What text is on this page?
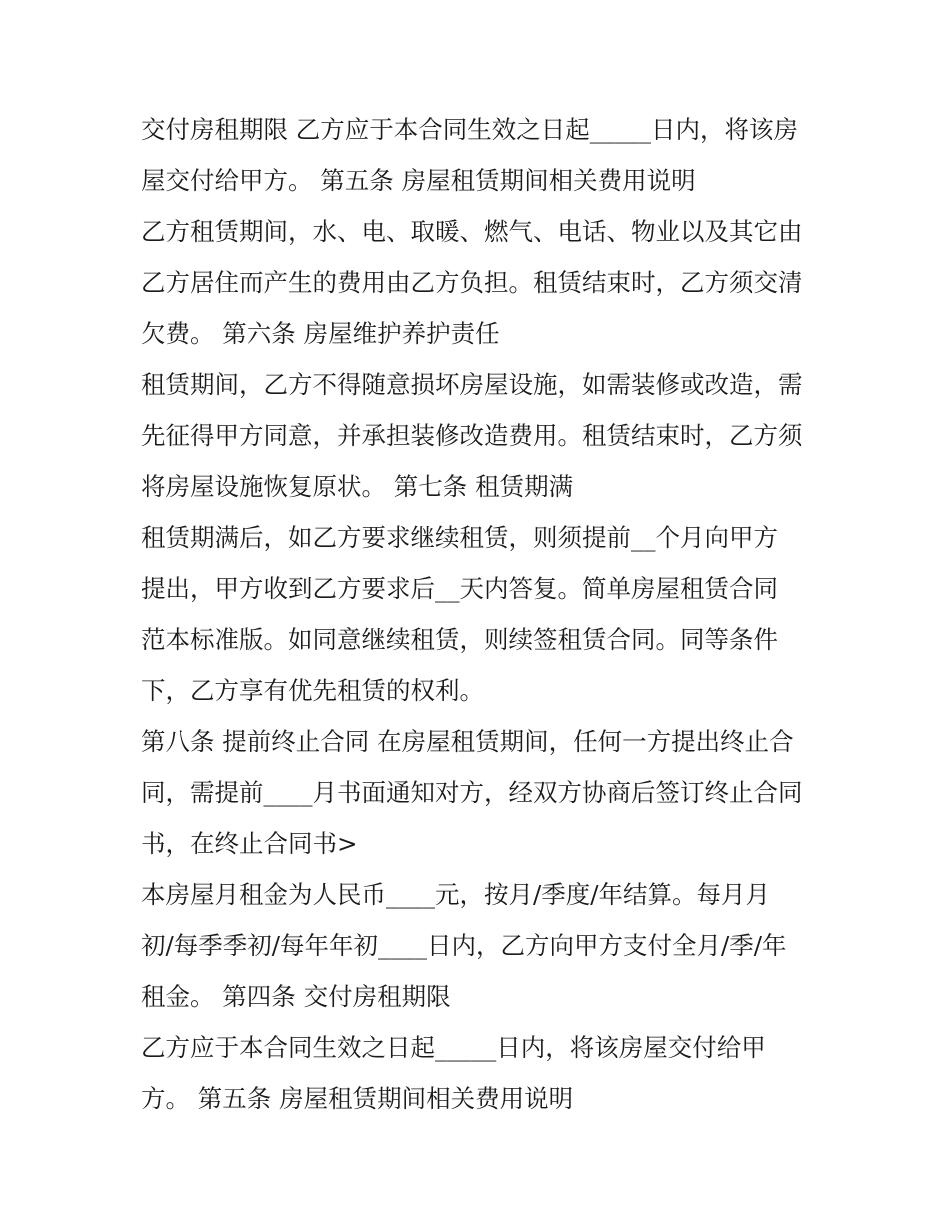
交付房租期限 乙方应于本合同生效之日起_____日内，将该房
屋交付给甲方。 第五条 房屋租赁期间相关费用说明
乙方租赁期间，水、电、取暖、燃气、电话、物业以及其它由
乙方居住而产生的费用由乙方负担。租赁结束时，乙方须交清
欠费。 第六条 房屋维护养护责任
租赁期间，乙方不得随意损坏房屋设施，如需装修或改造，需
先征得甲方同意，并承担装修改造费用。租赁结束时，乙方须
将房屋设施恢复原状。 第七条 租赁期满
租赁期满后，如乙方要求继续租赁，则须提前__个月向甲方
提出，甲方收到乙方要求后__天内答复。简单房屋租赁合同
范本标准版。如同意继续租赁，则续签租赁合同。同等条件
下，乙方享有优先租赁的权利。
第八条 提前终止合同 在房屋租赁期间，任何一方提出终止合
同，需提前____月书面通知对方，经双方协商后签订终止合同
书，在终止合同书>
本房屋月租金为人民币____元，按月/季度/年结算。每月月
初/每季季初/每年年初____日内，乙方向甲方支付全月/季/年
租金。 第四条 交付房租期限
乙方应于本合同生效之日起_____日内，将该房屋交付给甲
方。 第五条 房屋租赁期间相关费用说明
